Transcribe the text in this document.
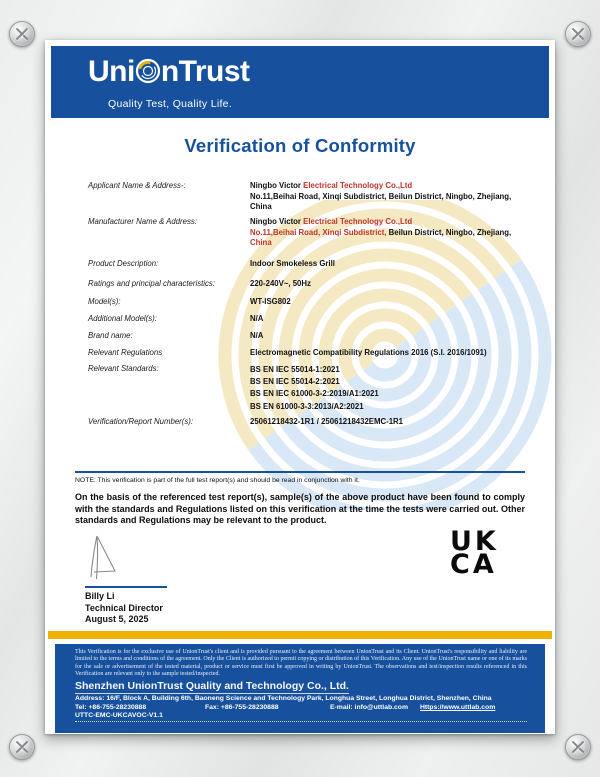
Uni nTrust
Quality Test, Quality Life.
Verification of Conformity
Applicant Name & Address-:	Ningbo Victor Electrical Technology Co.,Ltd
No.11,Beihai Road, Xinqi Subdistrict, Beilun District, Ningbo, Zhejiang,
China
Manufacturer Name & Address:	Ningbo Victor Electrical Technology Co.,Ltd
No.11,Beihai Road, Xinqi Subdistrict, Beilun District, Ningbo, Zhejiang,
China
Product Description:	Indoor Smokeless Grill
Ratings and principal characteristics:	220-240V~, 50Hz
Model(s):	WT-ISG802
Additional Model(s):	N/A
Brand name:	N/A
Relevant Regulations	Electromagnetic Compatibility Regulations 2016 (S.I. 2016/1091)
Relevant Standards:	BS EN IEC 55014-1:2021
BS EN IEC 55014-2:2021
BS EN IEC 61000-3-2:2019/A1:2021
BS EN 61000-3-3:2013/A2:2021
Verification/Report Number(s):	25061218432-1R1 / 25061218432EMC-1R1
NOTE: This verification is part of the full test report(s) and should be read in conjunction with it.
On the basis of the referenced test report(s), sample(s) of the above product have been found to comply with the standards and Regulations listed on this verification at the time the tests were carried out. Other standards and Regulations may be relevant to the product.
Billy Li
Technical Director
August 5, 2025
UK
CA
This Verification is for the exclusive use of UnionTrust's client and is provided pursuant to the agreement between UnionTrust and its Client. UnionTrust's responsibility and liability are limited to the terms and conditions of the agreement. Only the Client is authorized to permit copying or distribution of this Verification. Any use of the UnionTrust name or one of its marks for the sale or advertisement of the tested material, product or service must first be approved in writing by UnionTrust. The observations and test/inspection results referenced in this Verification are relevant only to the sample tested/inspected.
Shenzhen UnionTrust Quality and Technology Co., Ltd.
Address: 16/F, Block A, Building 6th, Baoneng Science and Technology Park, Longhua Street, Longhua District, Shenzhen, China
Tel: +86-755-28230888	Fax: +86-755-28230888	E-mail: info@uttlab.com Https://www.uttlab.com
UTTC-EMC-UKCAVOC-V1.1
